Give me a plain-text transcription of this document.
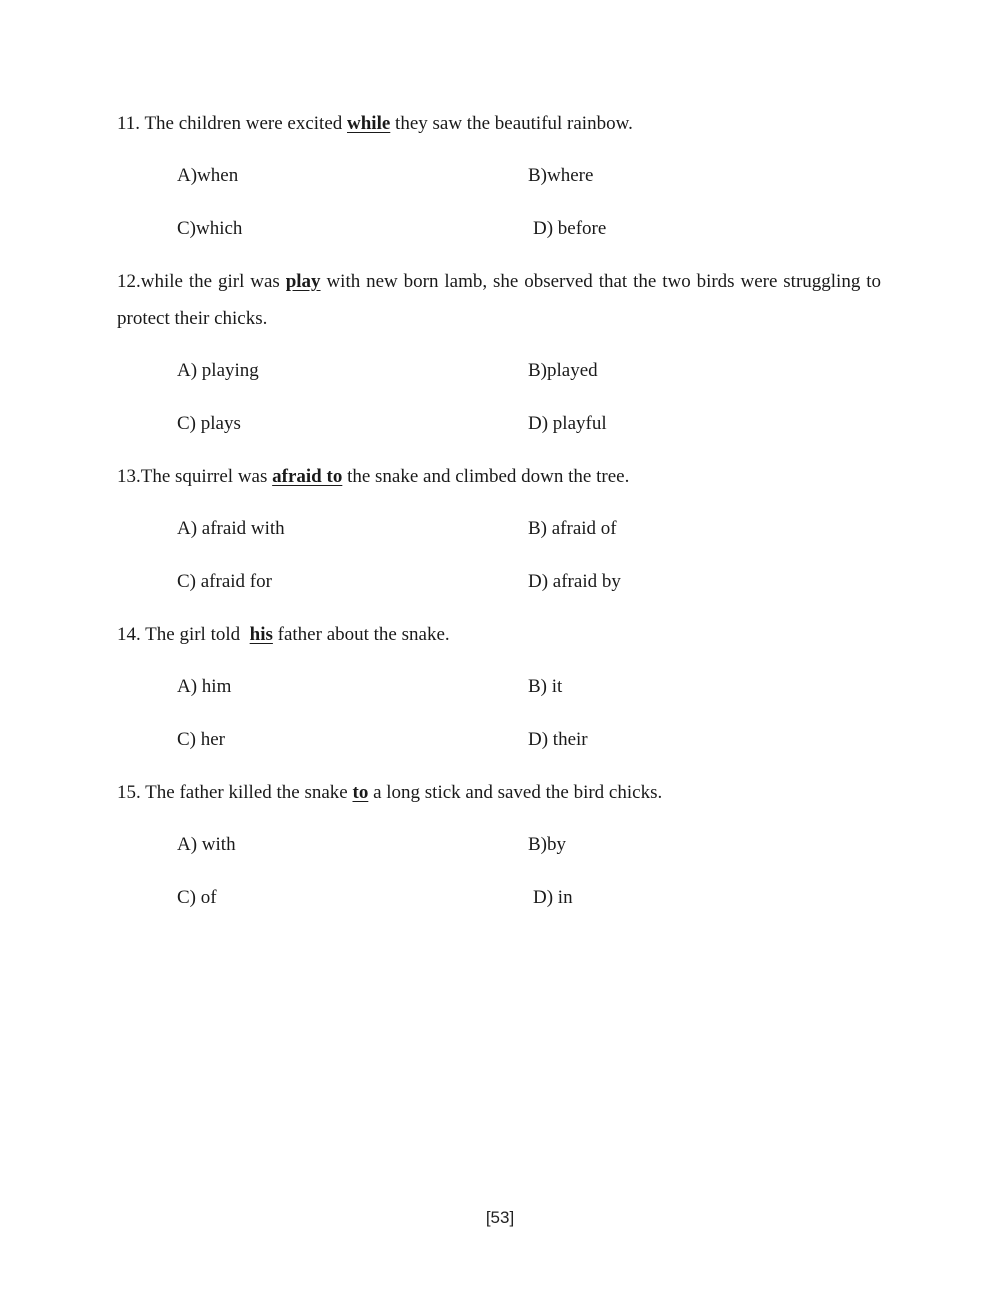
11. The children were excited while they saw the beautiful rainbow.
A)when	B)where
C)which	D) before
12.while the girl was play with new born lamb, she observed that the two birds were struggling to protect their chicks.
A) playing	B)played
C) plays	D) playful
13.The squirrel was afraid to the snake and climbed down the tree.
A) afraid with	B) afraid of
C) afraid for	D) afraid by
14. The girl told  his father about the snake.
A) him	B) it
C) her	D) their
15. The father killed the snake to a long stick and saved the bird chicks.
A) with	B)by
C) of	D) in
[53]
